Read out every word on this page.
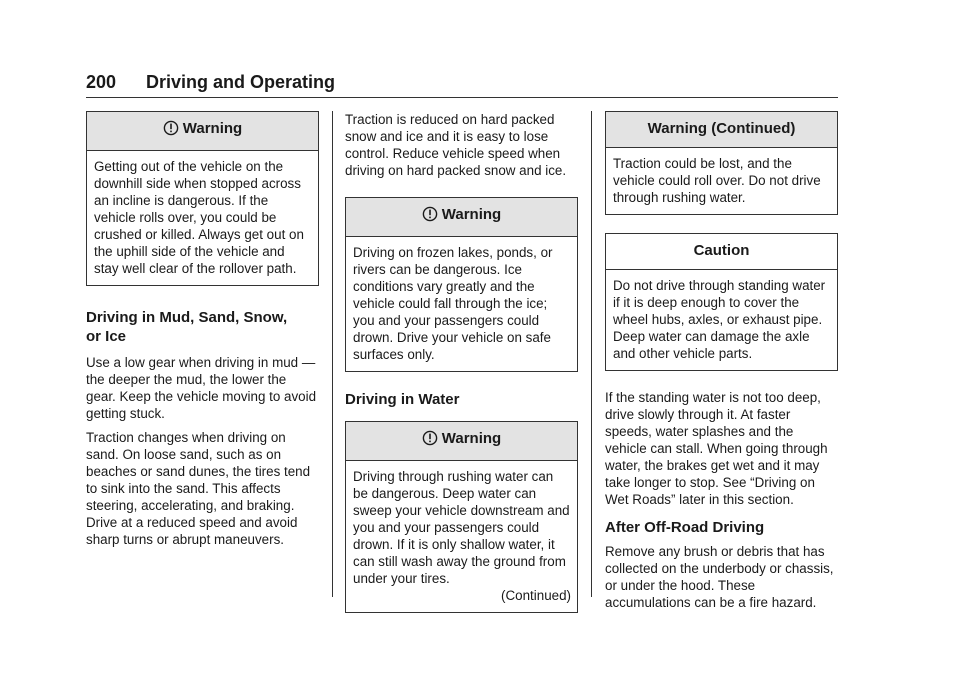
200 Driving and Operating
Warning

Getting out of the vehicle on the downhill side when stopped across an incline is dangerous. If the vehicle rolls over, you could be crushed or killed. Always get out on the uphill side of the vehicle and stay well clear of the rollover path.

Driving in Mud, Sand, Snow, or Ice

Use a low gear when driving in mud — the deeper the mud, the lower the gear. Keep the vehicle moving to avoid getting stuck.

Traction changes when driving on sand. On loose sand, such as on beaches or sand dunes, the tires tend to sink into the sand. This affects steering, accelerating, and braking. Drive at a reduced speed and avoid sharp turns or abrupt maneuvers.

Traction is reduced on hard packed snow and ice and it is easy to lose control. Reduce vehicle speed when driving on hard packed snow and ice.

Warning

Driving on frozen lakes, ponds, or rivers can be dangerous. Ice conditions vary greatly and the vehicle could fall through the ice; you and your passengers could drown. Drive your vehicle on safe surfaces only.

Driving in Water
Warning

Driving through rushing water can be dangerous. Deep water can sweep your vehicle downstream and you and your passengers could drown. If it is only shallow water, it can still wash away the ground from under your tires.

(Continued)

Warning (Continued)

Traction could be lost, and the vehicle could roll over. Do not drive through rushing water.

Caution

Do not drive through standing water if it is deep enough to cover the wheel hubs, axles, or exhaust pipe. Deep water can damage the axle and other vehicle parts.

If the standing water is not too deep, drive slowly through it. At faster speeds, water splashes and the vehicle can stall. When going through water, the brakes get wet and it may take longer to stop. See “Driving on Wet Roads” later in this section.

After Off-Road Driving

Remove any brush or debris that has collected on the underbody or chassis, or under the hood. These accumulations can be a fire hazard.
